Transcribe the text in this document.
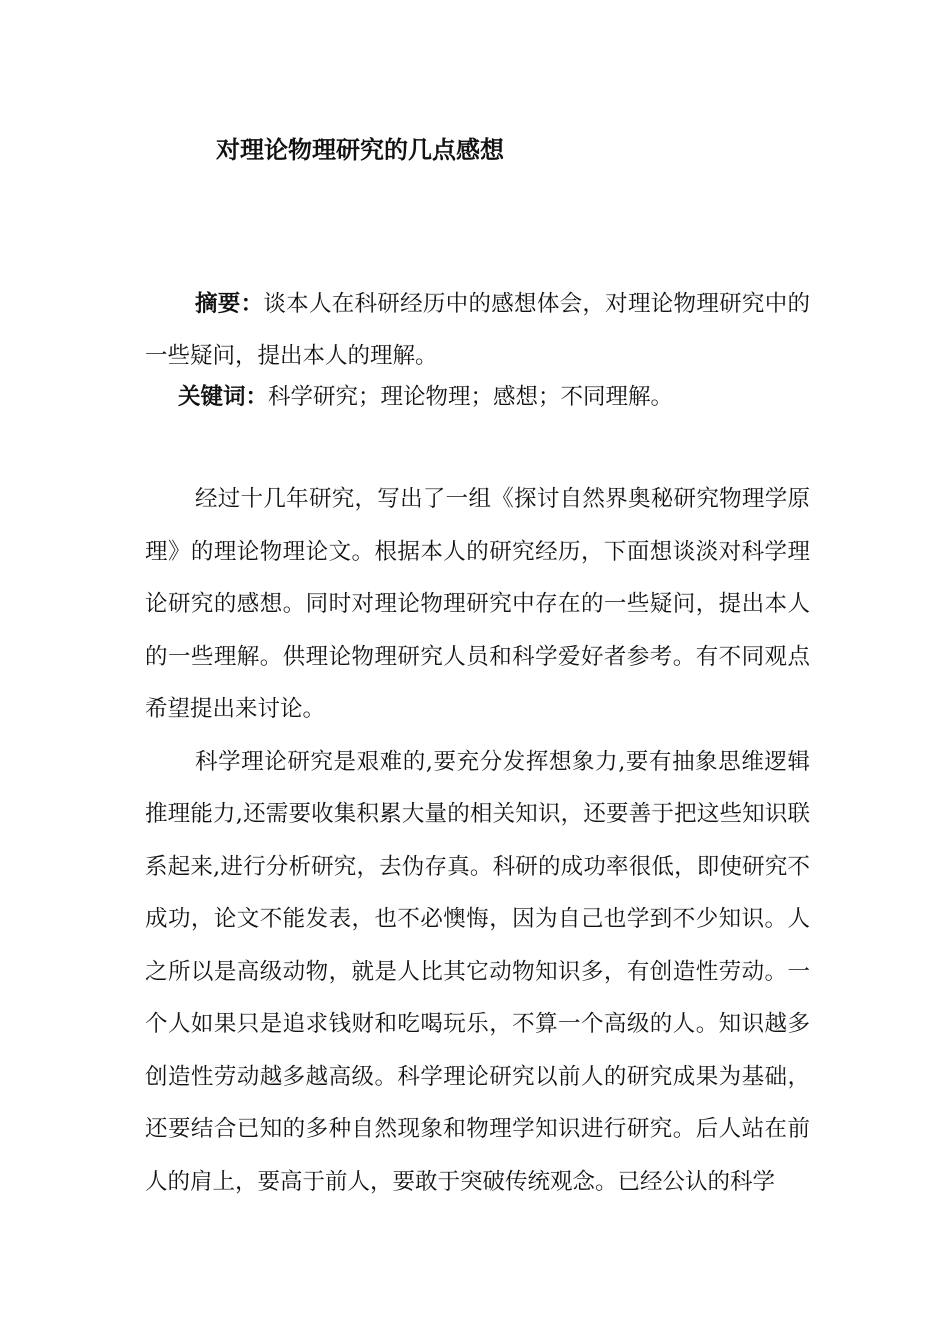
对理论物理研究的几点感想
摘要：谈本人在科研经历中的感想体会，对理论物理研究中的一些疑问，提出本人的理解。
关键词：科学研究；理论物理；感想；不同理解。

经过十几年研究，写出了一组《探讨自然界奥秘研究物理学原理》的理论物理论文。根据本人的研究经历，下面想谈淡对科学理论研究的感想。同时对理论物理研究中存在的一些疑问，提出本人的一些理解。供理论物理研究人员和科学爱好者参考。有不同观点希望提出来讨论。

科学理论研究是艰难的,要充分发挥想象力,要有抽象思维逻辑推理能力,还需要收集积累大量的相关知识，还要善于把这些知识联系起来,进行分析研究，去伪存真。科研的成功率很低，即使研究不成功，论文不能发表，也不必懊悔，因为自己也学到不少知识。人之所以是高级动物，就是人比其它动物知识多，有创造性劳动。一个人如果只是追求钱财和吃喝玩乐，不算一个高级的人。知识越多创造性劳动越多越高级。科学理论研究以前人的研究成果为基础，还要结合已知的多种自然现象和物理学知识进行研究。后人站在前人的肩上，要高于前人，要敢于突破传统观念。已经公认的科学
